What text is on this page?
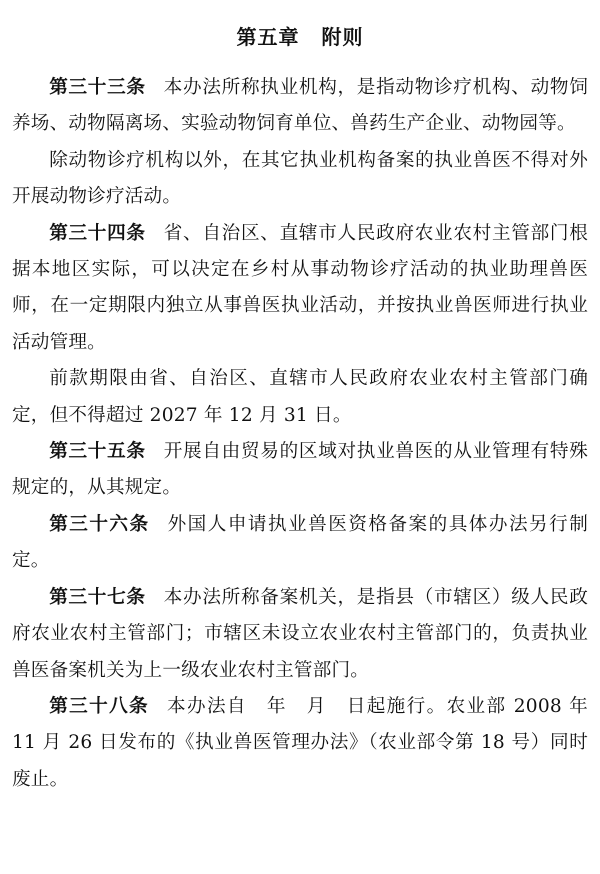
第五章 附则

第三十三条 本办法所称执业机构，是指动物诊疗机构、动物饲养场、动物隔离场、实验动物饲育单位、兽药生产企业、动物园等。

除动物诊疗机构以外，在其它执业机构备案的执业兽医不得对外开展动物诊疗活动。

第三十四条 省、自治区、直辖市人民政府农业农村主管部门根据本地区实际，可以决定在乡村从事动物诊疗活动的执业助理兽医师，在一定期限内独立从事兽医执业活动，并按执业兽医师进行执业活动管理。

前款期限由省、自治区、直辖市人民政府农业农村主管部门确定，但不得超过 2027 年 12 月 31 日。

第三十五条 开展自由贸易的区域对执业兽医的从业管理有特殊规定的，从其规定。

第三十六条 外国人申请执业兽医资格备案的具体办法另行制定。

第三十七条 本办法所称备案机关，是指县（市辖区）级人民政府农业农村主管部门；市辖区未设立农业农村主管部门的，负责执业兽医备案机关为上一级农业农村主管部门。

第三十八条 本办法自　年　月　日起施行。农业部 2008 年 11 月 26 日发布的《执业兽医管理办法》（农业部令第 18 号）同时废止。
